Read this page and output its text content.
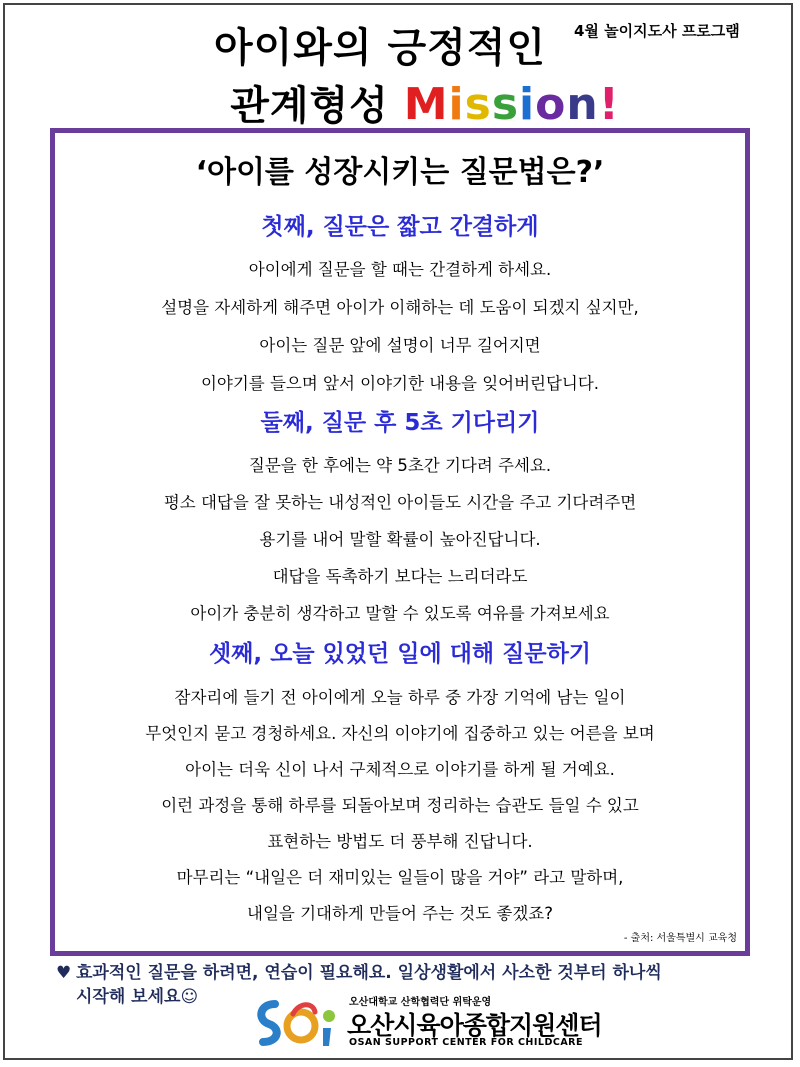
4월 놀이지도사 프로그램
아이와의 긍정적인
관계형성 Mission!
‘아이를 성장시키는 질문법은?’
첫째, 질문은 짧고 간결하게
아이에게 질문을 할 때는 간결하게 하세요.
설명을 자세하게 해주면 아이가 이해하는 데 도움이 되겠지 싶지만,
아이는 질문 앞에 설명이 너무 길어지면
이야기를 들으며 앞서 이야기한 내용을 잊어버린답니다.
둘째, 질문 후 5초 기다리기
질문을 한 후에는 약 5초간 기다려 주세요.
평소 대답을 잘 못하는 내성적인 아이들도 시간을 주고 기다려주면
용기를 내어 말할 확률이 높아진답니다.
대답을 독촉하기 보다는 느리더라도
아이가 충분히 생각하고 말할 수 있도록 여유를 가져보세요
셋째, 오늘 있었던 일에 대해 질문하기
잠자리에 들기 전 아이에게 오늘 하루 중 가장 기억에 남는 일이
무엇인지 묻고 경청하세요. 자신의 이야기에 집중하고 있는 어른을 보며
아이는 더욱 신이 나서 구체적으로 이야기를 하게 될 거예요.
이런 과정을 통해 하루를 되돌아보며 정리하는 습관도 들일 수 있고
표현하는 방법도 더 풍부해 진답니다.
마무리는 “내일은 더 재미있는 일들이 많을 거야” 라고 말하며,
내일을 기대하게 만들어 주는 것도 좋겠죠?
- 출처: 서울특별시 교육청
♥ 효과적인 질문을 하려면, 연습이 필요해요. 일상생활에서 사소한 것부터 하나씩
시작해 보세요☺	오산대학교 산학협력단 위탁운영
오산시육아종합지원센터
OSAN SUPPORT CENTER FOR CHILDCARE
